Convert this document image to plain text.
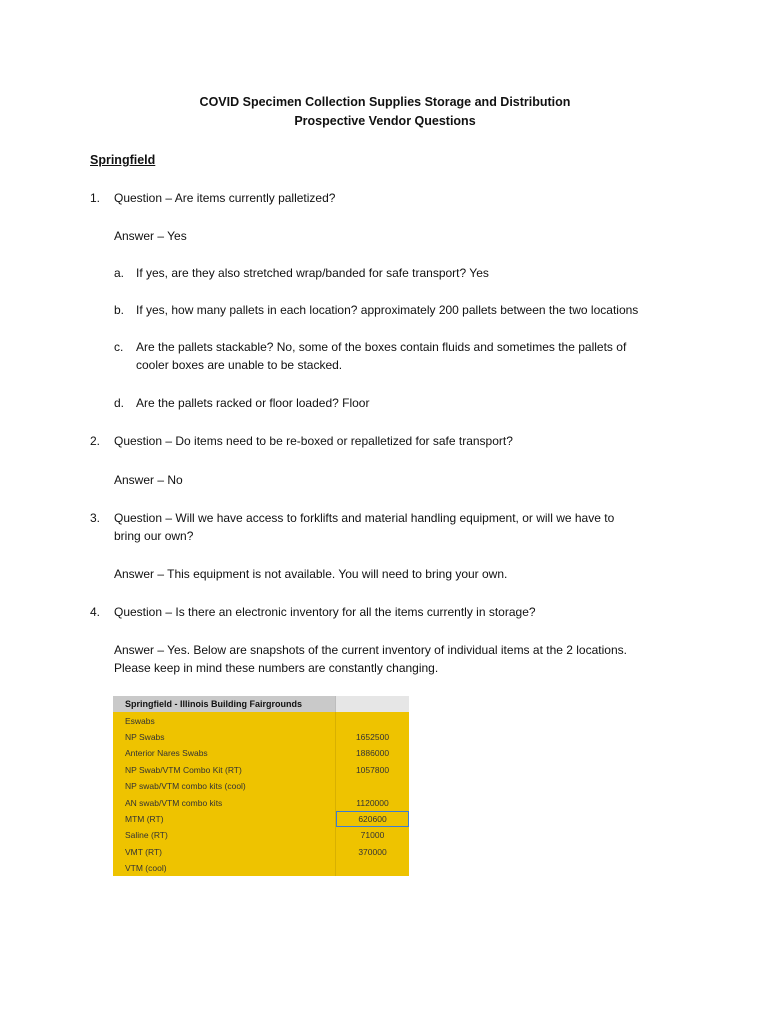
COVID Specimen Collection Supplies Storage and Distribution
Prospective Vendor Questions
Springfield
1.	Question – Are items currently palletized?
Answer – Yes
a. If yes, are they also stretched wrap/banded for safe transport? Yes
b. If yes, how many pallets in each location? approximately 200 pallets between the two locations
c.	Are the pallets stackable? No, some of the boxes contain fluids and sometimes the pallets of
cooler boxes are unable to be stacked.
d. Are the pallets racked or floor loaded? Floor
2.	Question – Do items need to be re-boxed or repalletized for safe transport?
Answer – No
3.	Question – Will we have access to forklifts and material handling equipment, or will we have to
bring our own?
Answer – This equipment is not available. You will need to bring your own.
4.	Question – Is there an electronic inventory for all the items currently in storage?
Answer – Yes. Below are snapshots of the current inventory of individual items at the 2 locations.
Please keep in mind these numbers are constantly changing.
Springfield - Illinois Building Fairgrounds	
Eswabs	
NP Swabs	1652500
Anterior Nares Swabs	1886000
NP Swab/VTM Combo Kit (RT)	1057800
NP swab/VTM combo kits (cool)	
AN swab/VTM combo kits	1120000
MTM (RT)	620600
Saline (RT)	71000
VMT (RT)	370000
VTM (cool)	
